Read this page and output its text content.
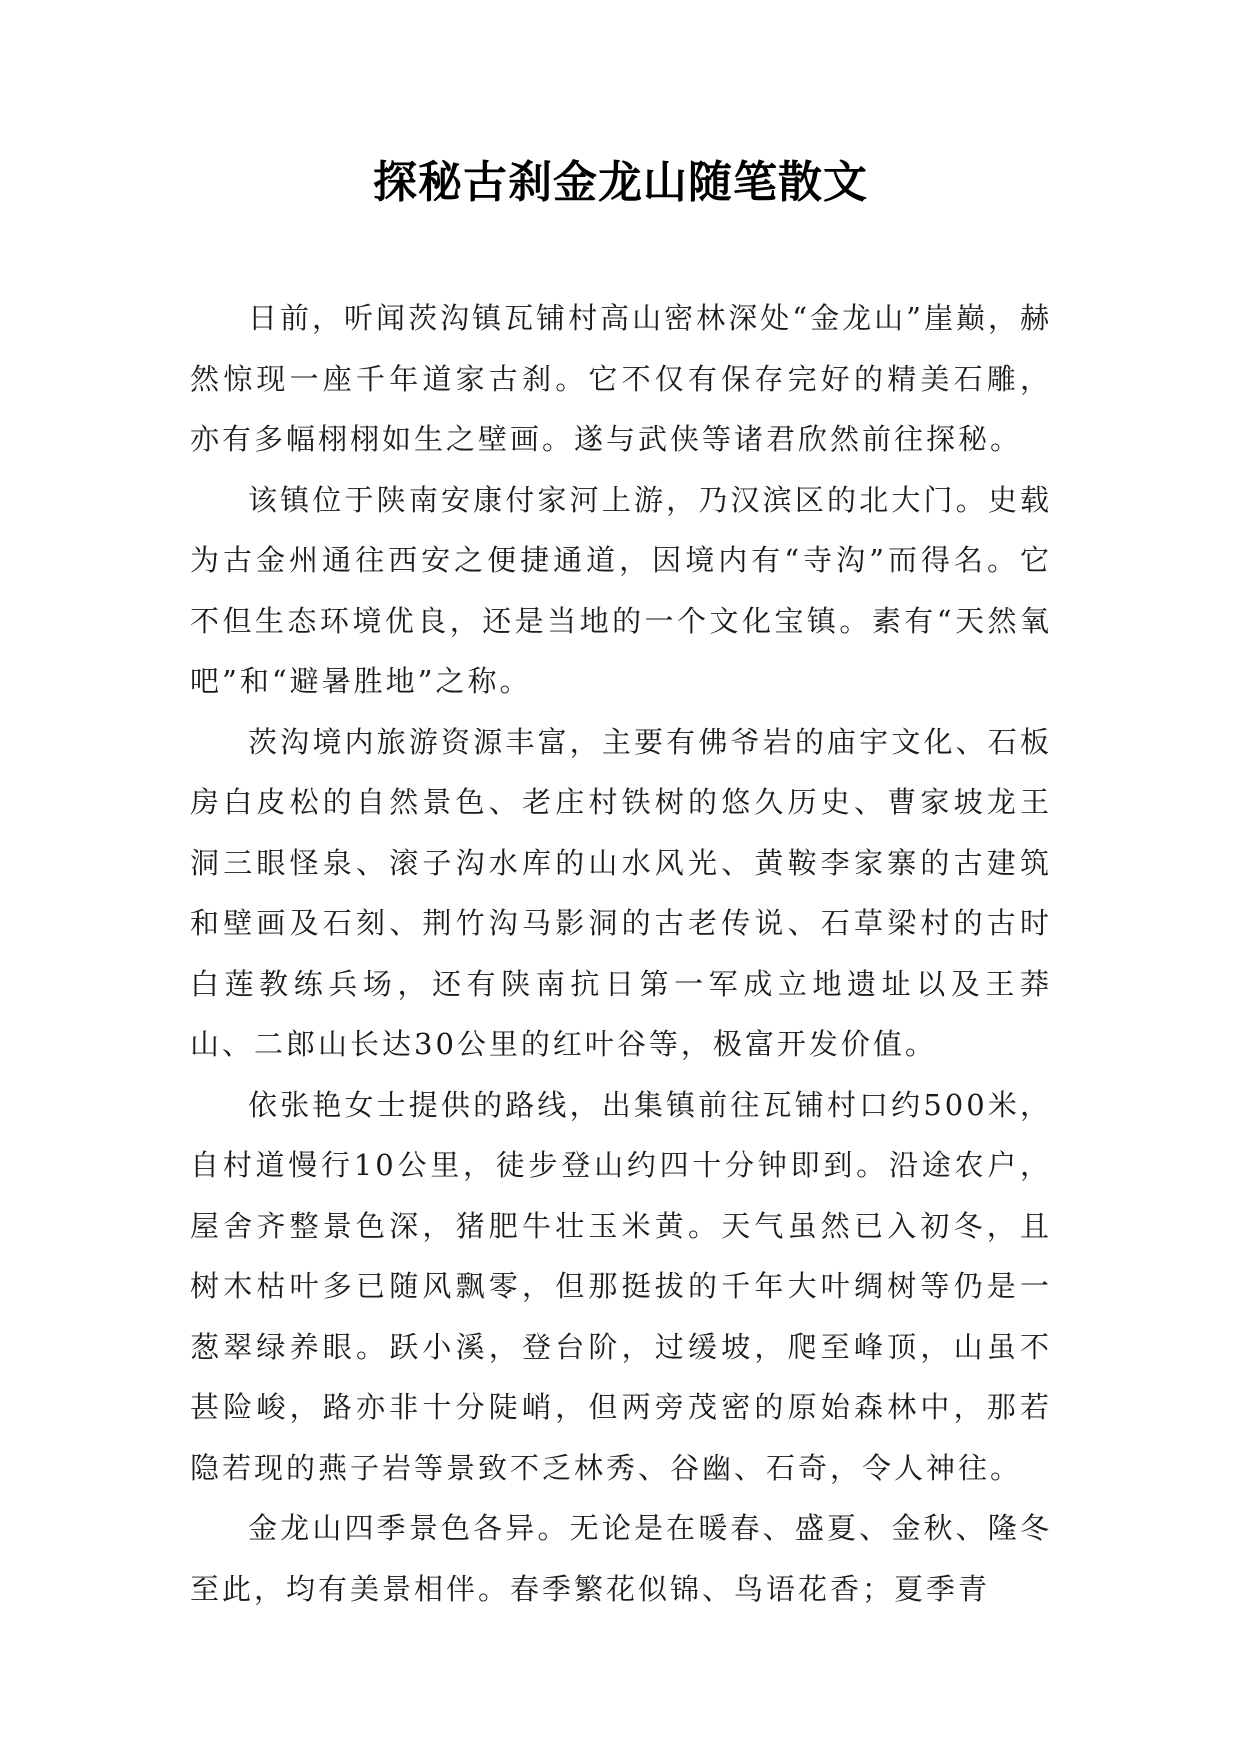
探秘古刹金龙山随笔散文

日前，听闻茨沟镇瓦铺村高山密林深处“金龙山”崖巅，赫然惊现一座千年道家古刹。它不仅有保存完好的精美石雕，亦有多幅栩栩如生之壁画。遂与武侠等诸君欣然前往探秘。

该镇位于陕南安康付家河上游，乃汉滨区的北大门。史载为古金州通往西安之便捷通道，因境内有“寺沟”而得名。它不但生态环境优良，还是当地的一个文化宝镇。素有“天然氧吧”和“避暑胜地”之称。

茨沟境内旅游资源丰富，主要有佛爷岩的庙宇文化、石板房白皮松的自然景色、老庄村铁树的悠久历史、曹家坡龙王洞三眼怪泉、滚子沟水库的山水风光、黄鞍李家寨的古建筑和壁画及石刻、荆竹沟马影洞的古老传说、石草梁村的古时白莲教练兵场，还有陕南抗日第一军成立地遗址以及王莽山、二郎山长达30公里的红叶谷等，极富开发价值。

依张艳女士提供的路线，出集镇前往瓦铺村口约500米，自村道慢行10公里，徒步登山约四十分钟即到。沿途农户，屋舍齐整景色深，猪肥牛壮玉米黄。天气虽然已入初冬，且树木枯叶多已随风飘零，但那挺拔的千年大叶绸树等仍是一葱翠绿养眼。跃小溪，登台阶，过缓坡，爬至峰顶，山虽不甚险峻，路亦非十分陡峭，但两旁茂密的原始森林中，那若隐若现的燕子岩等景致不乏林秀、谷幽、石奇，令人神往。

金龙山四季景色各异。无论是在暖春、盛夏、金秋、隆冬至此，均有美景相伴。春季繁花似锦、鸟语花香；夏季青
